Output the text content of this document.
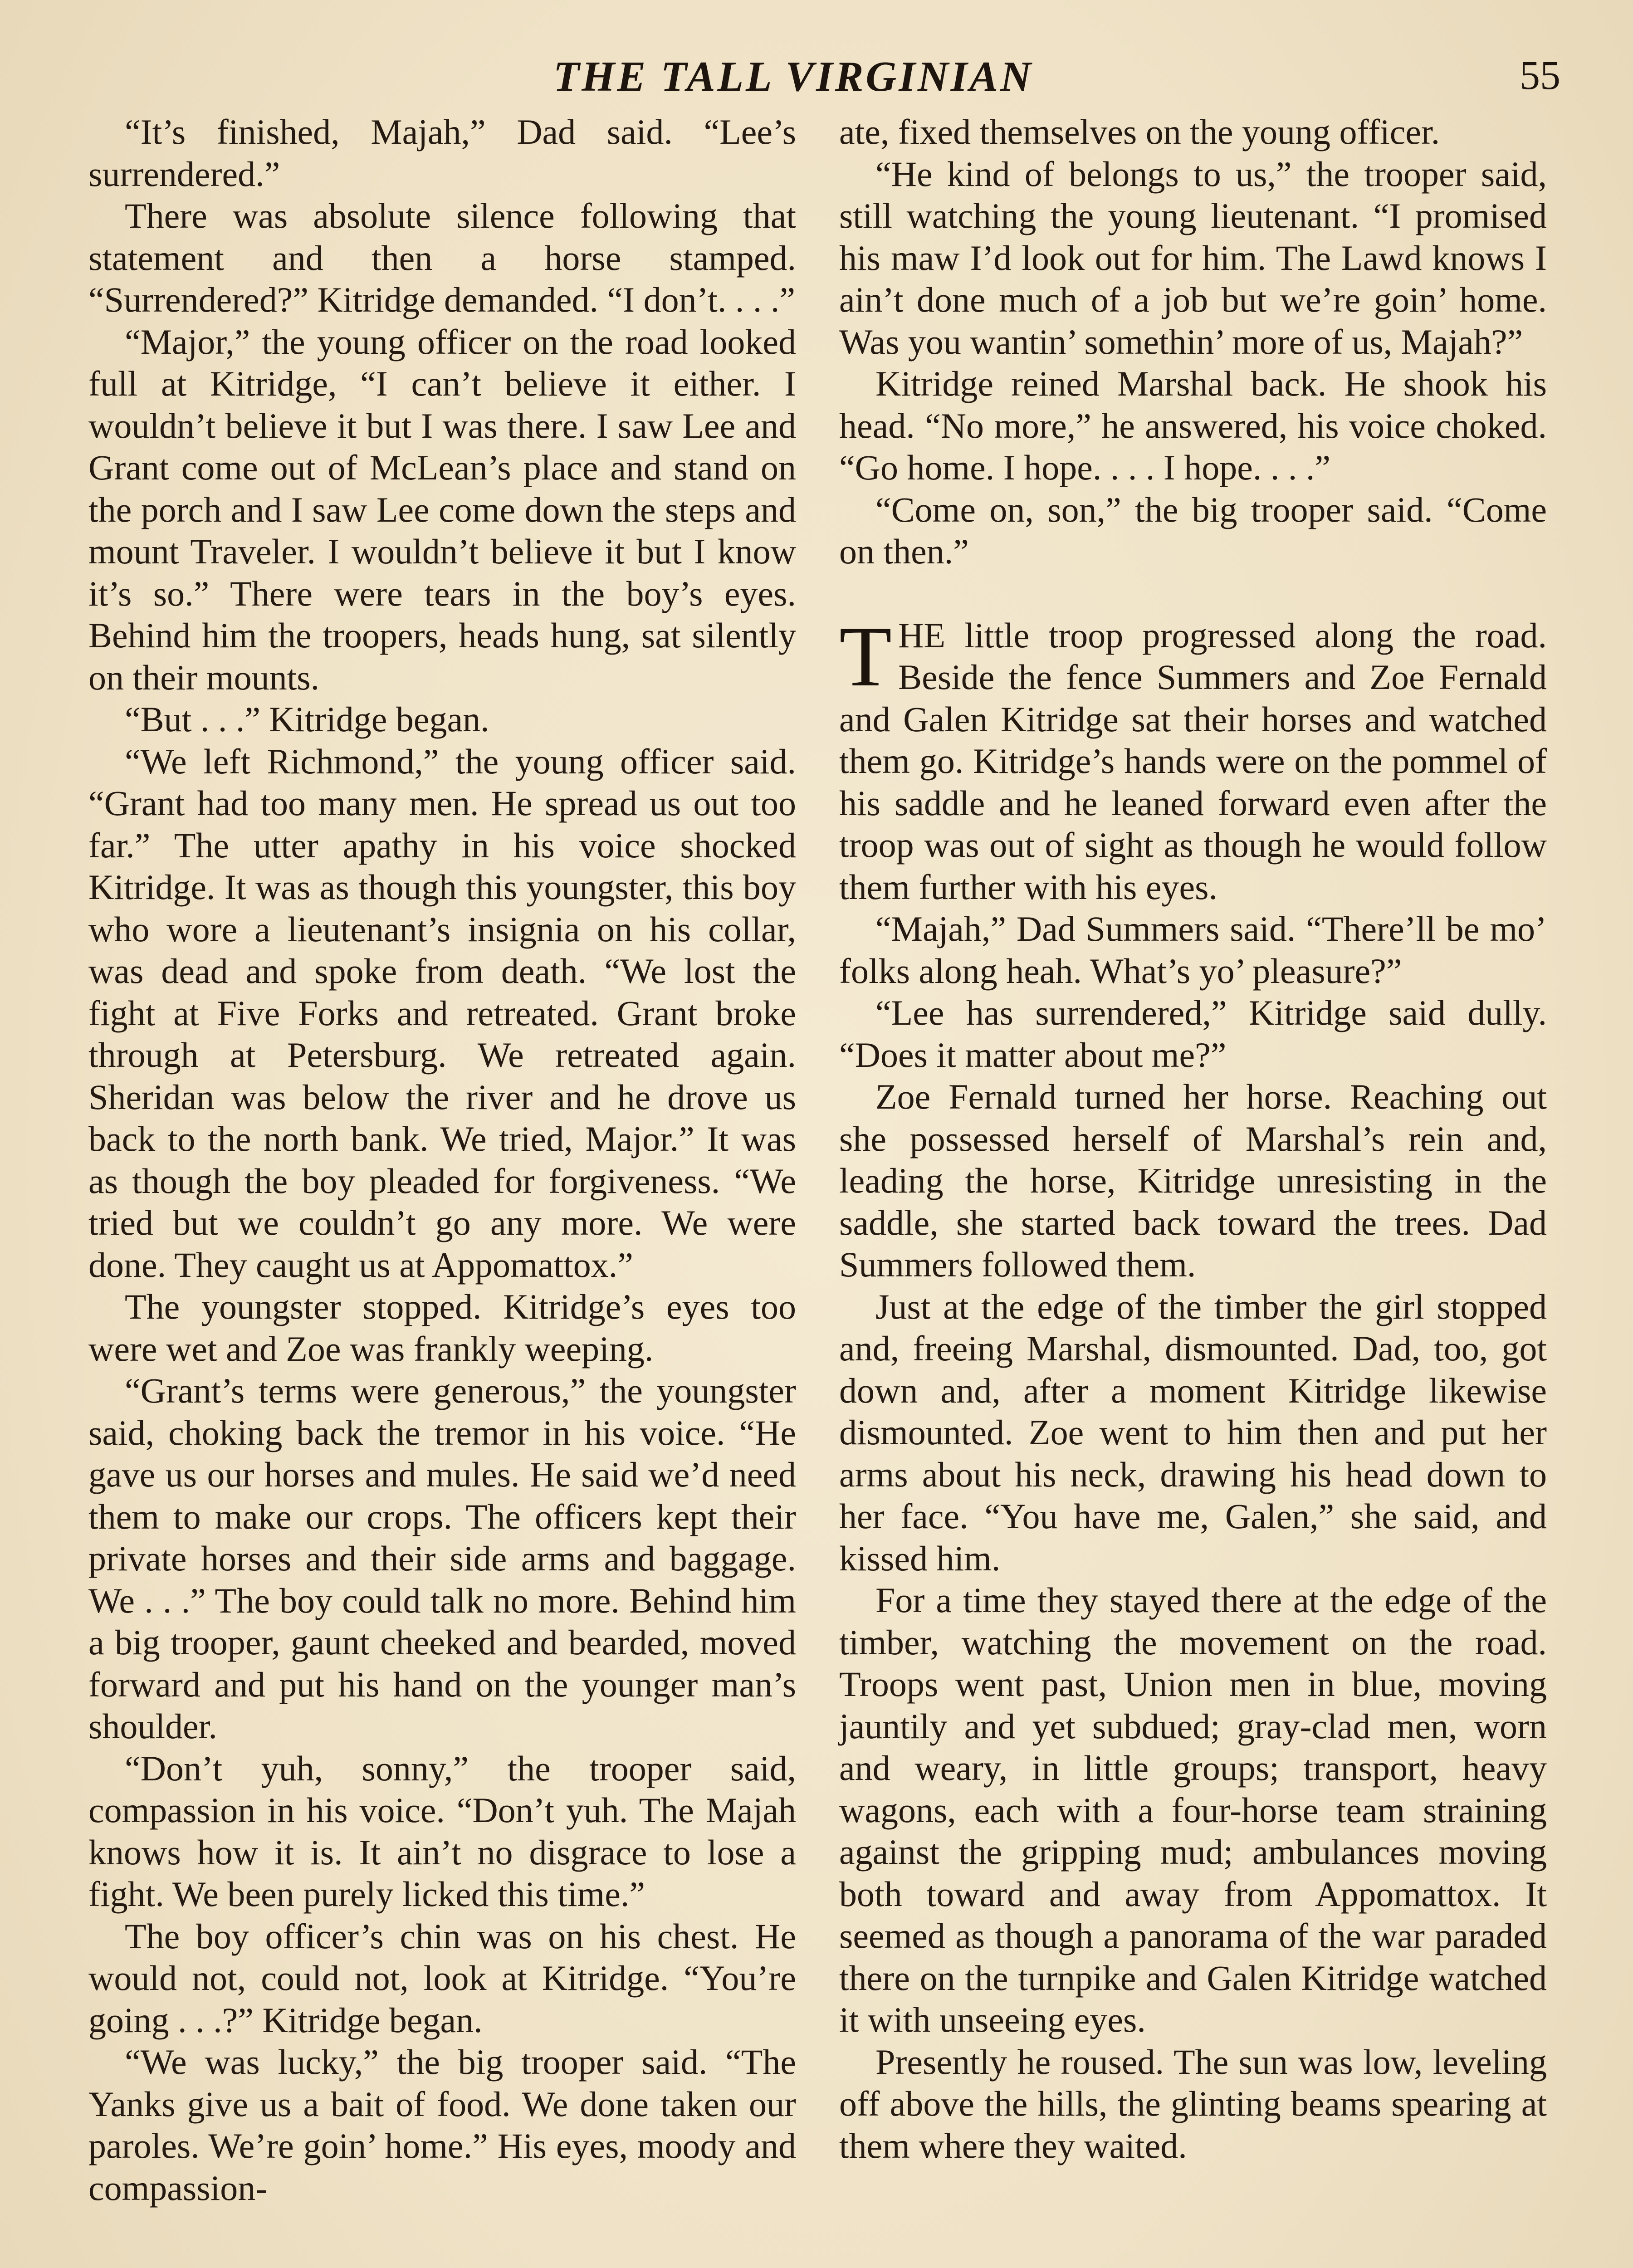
THE TALL VIRGINIAN	55

“It’s finished, Majah,” Dad said. “Lee’s surrendered.”

There was absolute silence following that statement and then a horse stamped. “Surrendered?” Kitridge demanded. “I don’t. . . .”

“Major,” the young officer on the road looked full at Kitridge, “I can’t believe it either. I wouldn’t believe it but I was there. I saw Lee and Grant come out of McLean’s place and stand on the porch and I saw Lee come down the steps and mount Traveler. I wouldn’t believe it but I know it’s so.” There were tears in the boy’s eyes. Behind him the troopers, heads hung, sat silently on their mounts.

“But . . .” Kitridge began.

“We left Richmond,” the young officer said. “Grant had too many men. He spread us out too far.” The utter apathy in his voice shocked Kitridge. It was as though this youngster, this boy who wore a lieutenant’s insignia on his collar, was dead and spoke from death. “We lost the fight at Five Forks and retreated. Grant broke through at Petersburg. We retreated again. Sheridan was below the river and he drove us back to the north bank. We tried, Major.” It was as though the boy pleaded for forgiveness. “We tried but we couldn’t go any more. We were done. They caught us at Appomattox.”

The youngster stopped. Kitridge’s eyes too were wet and Zoe was frankly weeping.

“Grant’s terms were generous,” the youngster said, choking back the tremor in his voice. “He gave us our horses and mules. He said we’d need them to make our crops. The officers kept their private horses and their side arms and baggage. We . . .” The boy could talk no more. Behind him a big trooper, gaunt cheeked and bearded, moved forward and put his hand on the younger man’s shoulder.

“Don’t yuh, sonny,” the trooper said, compassion in his voice. “Don’t yuh. The Majah knows how it is. It ain’t no disgrace to lose a fight. We been purely licked this time.”

The boy officer’s chin was on his chest. He would not, could not, look at Kitridge. “You’re going . . .?” Kitridge began.

“We was lucky,” the big trooper said. “The Yanks give us a bait of food. We done taken our paroles. We’re goin’ home.” His eyes, moody and compassion-

ate, fixed themselves on the young officer.

“He kind of belongs to us,” the trooper said, still watching the young lieutenant. “I promised his maw I’d look out for him. The Lawd knows I ain’t done much of a job but we’re goin’ home. Was you wantin’ somethin’ more of us, Majah?”

Kitridge reined Marshal back. He shook his head. “No more,” he answered, his voice choked. “Go home. I hope. . . . I hope. . . .”

“Come on, son,” the big trooper said. “Come on then.”

THE little troop progressed along the road. Beside the fence Summers and Zoe Fernald and Galen Kitridge sat their horses and watched them go. Kitridge’s hands were on the pommel of his saddle and he leaned forward even after the troop was out of sight as though he would follow them further with his eyes.

“Majah,” Dad Summers said. “There’ll be mo’ folks along heah. What’s yo’ pleasure?”

“Lee has surrendered,” Kitridge said dully. “Does it matter about me?”

Zoe Fernald turned her horse. Reaching out she possessed herself of Marshal’s rein and, leading the horse, Kitridge unresisting in the saddle, she started back toward the trees. Dad Summers followed them.

Just at the edge of the timber the girl stopped and, freeing Marshal, dismounted. Dad, too, got down and, after a moment Kitridge likewise dismounted. Zoe went to him then and put her arms about his neck, drawing his head down to her face. “You have me, Galen,” she said, and kissed him.

For a time they stayed there at the edge of the timber, watching the movement on the road. Troops went past, Union men in blue, moving jauntily and yet subdued; gray-clad men, worn and weary, in little groups; transport, heavy wagons, each with a four-horse team straining against the gripping mud; ambulances moving both toward and away from Appomattox. It seemed as though a panorama of the war paraded there on the turnpike and Galen Kitridge watched it with unseeing eyes.

Presently he roused. The sun was low, leveling off above the hills, the glinting beams spearing at them where they waited.
